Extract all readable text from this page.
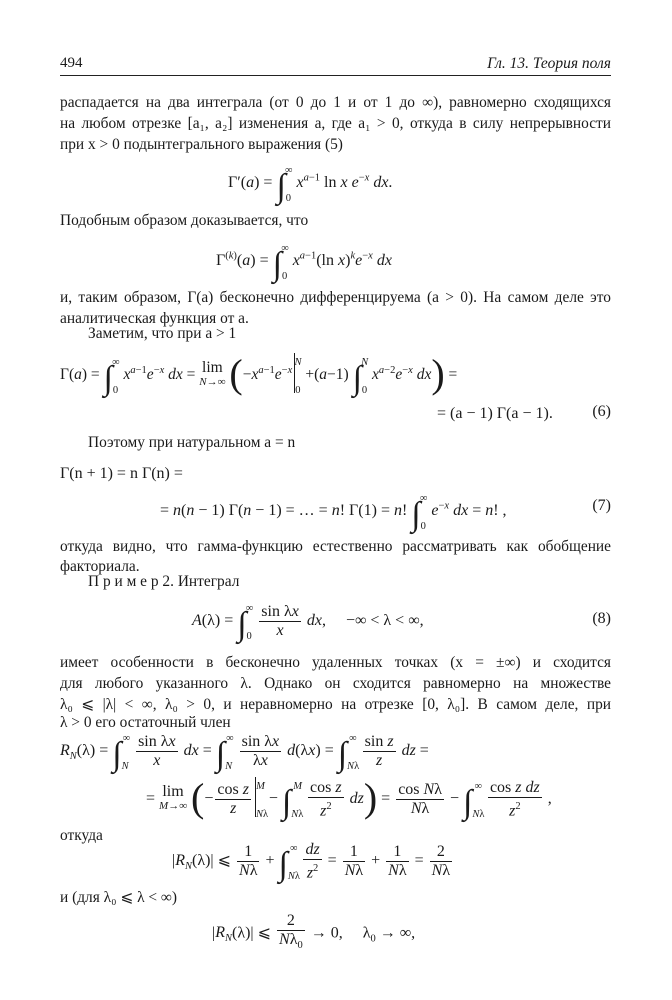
494	Гл. 13. Теория поля
распадается на два интеграла (от 0 до 1 и от 1 до ∞), равномерно сходящихся
на любом отрезке [a₁, a₂] изменения a, где a₁ > 0, откуда в силу непрерывности
при x > 0 подынтегрального выражения (5)
$\Gamma'(a) = \int_0^\infty$ $x^{a-1}$ ln x $e^{-x}$ dx.
Подобным образом доказывается, что
$\Gamma^{(k)}(a) = \int_0^\infty$ $x^{a-1}(\ln$ $x)^ke^{-x}$ dx
и, таким образом, Γ(a) бесконечно дифференцируема (a > 0). На самом деле это
аналитическая функция от a.
Заметим, что при a > 1
$\Gamma(a) = \int_0^\infty$ $x^{a-1}e^{-x}$ dx = lim
N→∞ ($-x^{a-1}e^{-x}_0^N +(a-1)$ $\int_0^N$ $x^{a-2}e^{-x}$ dx) =
= (a − 1) Γ(a − 1). (6)
Поэтому при натуральном a = n
Γ(n + 1) = n Γ(n) =
= n(n − 1) Γ(n − 1) = … = n! Γ(1) = n! $\int_0^\infty$ $e^{-x}$ dx = n! ,	(7)
откуда видно, что гамма-функцию естественно рассматривать как обобщение
факториала.
П р и м е р 2. Интеграл
$A(\lambda) = \int_0^\infty \frac{\text{sin λx}}{x}$ dx,     −∞ < λ < ∞,	(8)
имеет особенности в бесконечно удаленных точках (x = ±∞) и сходится
для любого указанного λ. Однако он сходится равномерно на множестве
λ₀ ⩽ |λ| < ∞, λ₀ > 0, и неравномерно на отрезке [0, λ₀]. В самом деле, при
λ > 0 его остаточный член
$R_N(\lambda) = \int_N^\infty \frac{\text{sin λx}}{x}$ dx = $\int_N^\infty \frac{\text{sin λx}}{\lambda x} d(\lambda x) = \int_{N\lambda}^\infty \frac{\text{sin z}}{z}$ dz =
= lim
M→∞ (− $\frac{\text{cos z}}{z} _{N\lambda}^M - \int_{N\lambda}^M \frac{\text{cos z}}{z^2} dz) = \frac{\text{cos Nλ}}{N\lambda} - \int_{N\lambda}^\infty \frac{\text{cos z dz}}{z^2}$ ,
откуда
$|R_N(\lambda)|$ ⩽ $\frac{1}{N\lambda} + \int_{N\lambda}^\infty \frac{dz}{z^2} = \frac{1}{N\lambda} + \frac{1}{N\lambda} = \frac{2}{N\lambda}$
и (для λ₀ ⩽ λ < ∞)
$|R_N(\lambda)|$ ⩽ $\frac{2}{N\lambda_0} \to 0$,     $\lambda_0$ → ∞,
